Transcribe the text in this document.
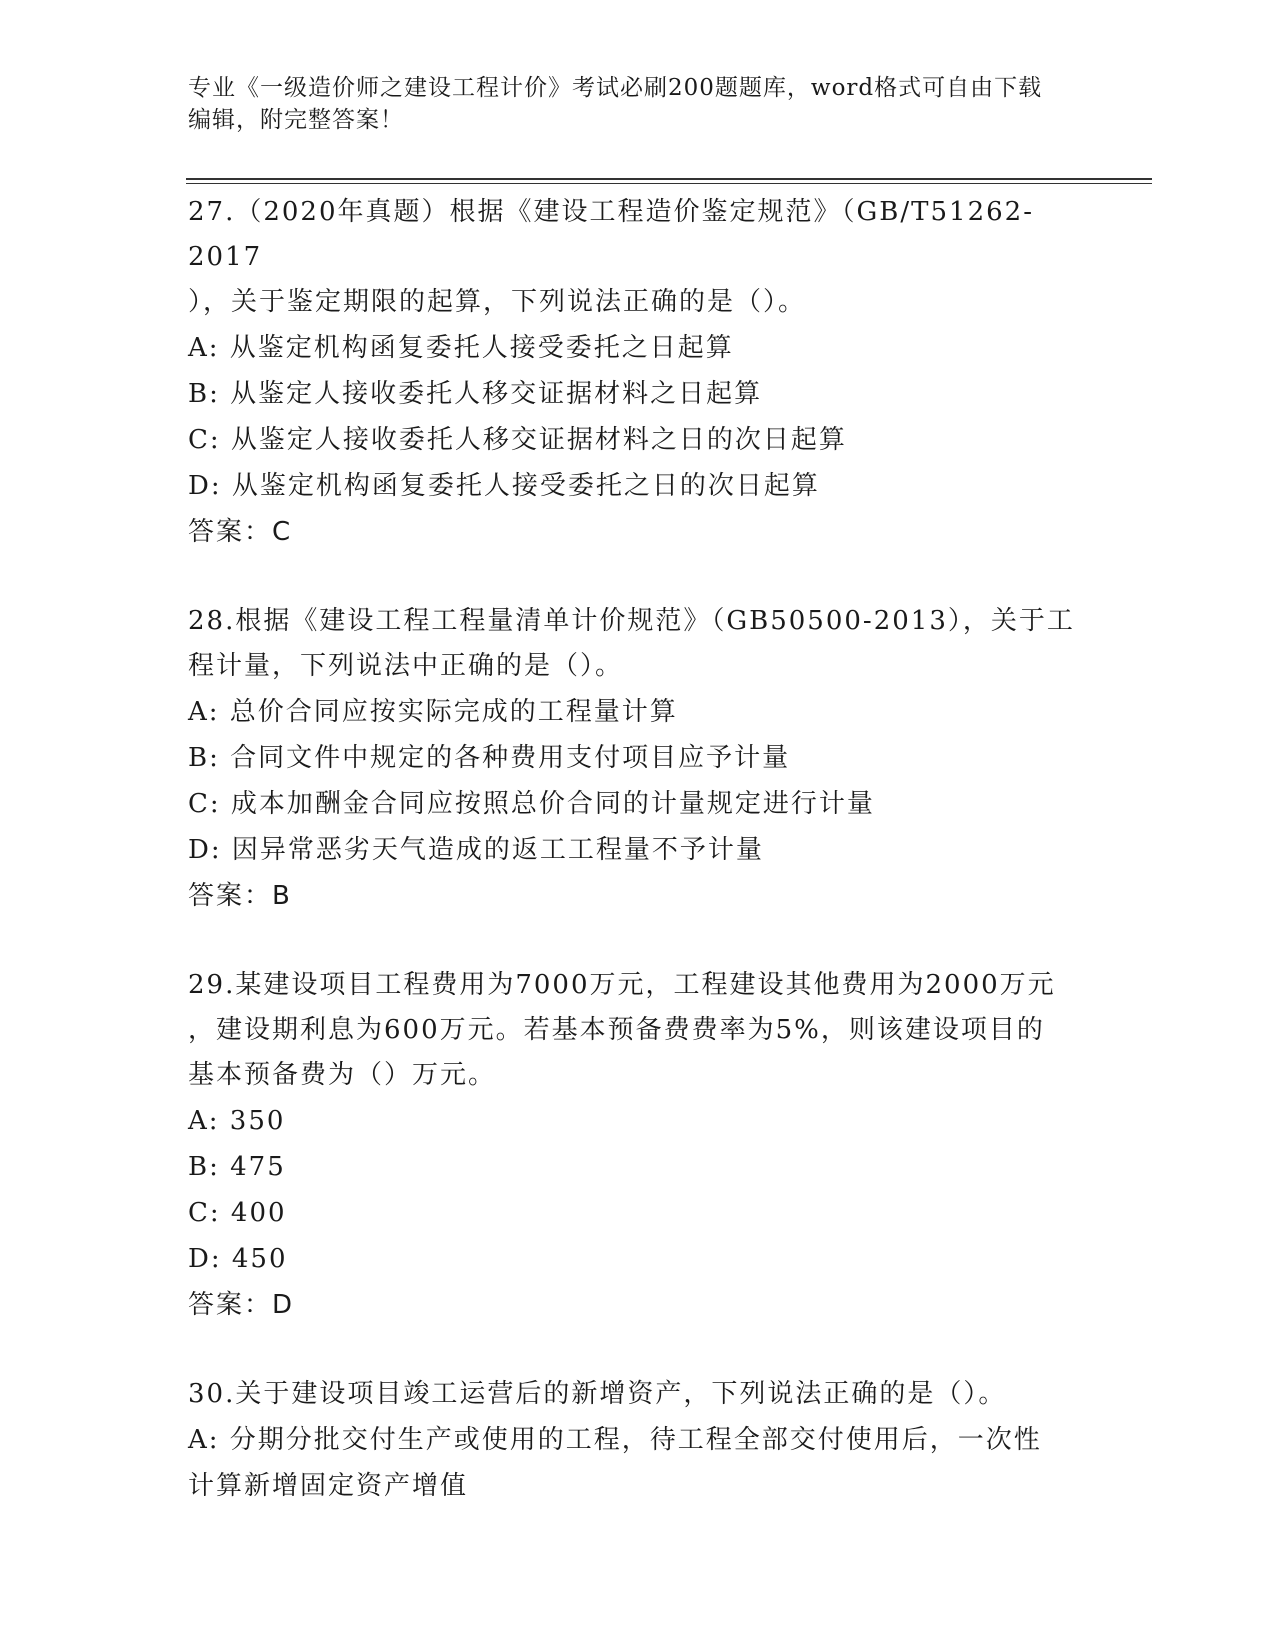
专业《一级造价师之建设工程计价》考试必刷200题题库，word格式可自由下载
编辑，附完整答案！
27.（2020年真题）根据《建设工程造价鉴定规范》（GB/T51262-2017
），关于鉴定期限的起算，下列说法正确的是（）。
A: 从鉴定机构函复委托人接受委托之日起算
B: 从鉴定人接收委托人移交证据材料之日起算
C: 从鉴定人接收委托人移交证据材料之日的次日起算
D: 从鉴定机构函复委托人接受委托之日的次日起算
答案：C
28.根据《建设工程工程量清单计价规范》（GB50500-2013），关于工
程计量，下列说法中正确的是（）。
A: 总价合同应按实际完成的工程量计算
B: 合同文件中规定的各种费用支付项目应予计量
C: 成本加酬金合同应按照总价合同的计量规定进行计量
D: 因异常恶劣天气造成的返工工程量不予计量
答案：B
29.某建设项目工程费用为7000万元，工程建设其他费用为2000万元
，建设期利息为600万元。若基本预备费费率为5%，则该建设项目的
基本预备费为（）万元。
A: 350
B: 475
C: 400
D: 450
答案：D
30.关于建设项目竣工运营后的新增资产，下列说法正确的是（）。
A: 分期分批交付生产或使用的工程，待工程全部交付使用后，一次性
计算新增固定资产增值
